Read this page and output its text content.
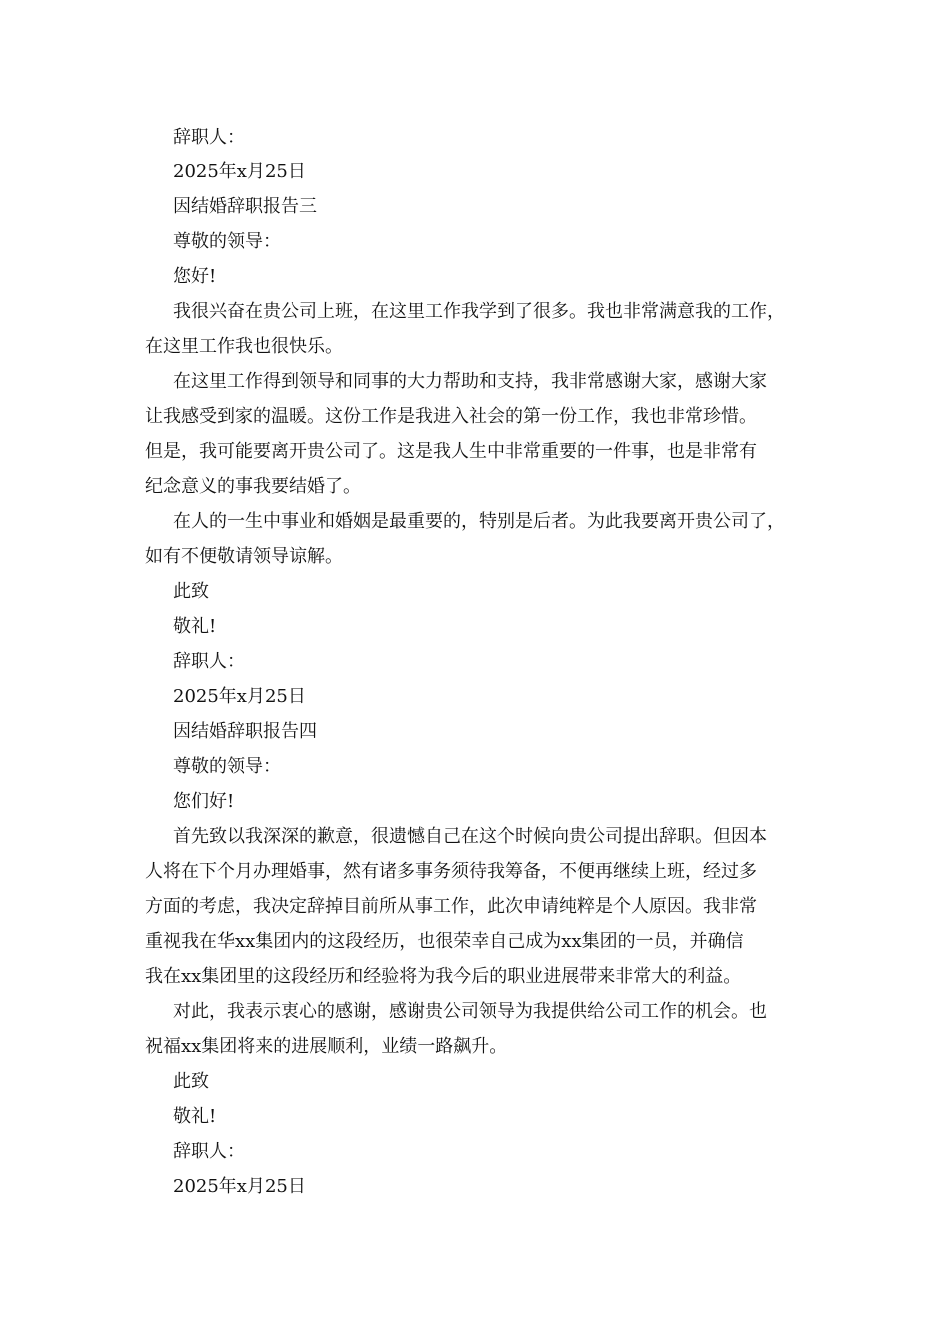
辞职人：
2025年x月25日
因结婚辞职报告三
尊敬的领导：
您好!
我很兴奋在贵公司上班，在这里工作我学到了很多。我也非常满意我的工作，
在这里工作我也很快乐。
在这里工作得到领导和同事的大力帮助和支持，我非常感谢大家，感谢大家
让我感受到家的温暖。这份工作是我进入社会的第一份工作，我也非常珍惜。
但是，我可能要离开贵公司了。这是我人生中非常重要的一件事，也是非常有
纪念意义的事我要结婚了。
在人的一生中事业和婚姻是最重要的，特别是后者。为此我要离开贵公司了，
如有不便敬请领导谅解。
此致
敬礼!
辞职人：
2025年x月25日
因结婚辞职报告四
尊敬的领导：
您们好!
首先致以我深深的歉意，很遗憾自己在这个时候向贵公司提出辞职。但因本
人将在下个月办理婚事，然有诸多事务须待我筹备，不便再继续上班，经过多
方面的考虑，我决定辞掉目前所从事工作，此次申请纯粹是个人原因。我非常
重视我在华xx集团内的这段经历，也很荣幸自己成为xx集团的一员，并确信
我在xx集团里的这段经历和经验将为我今后的职业进展带来非常大的利益。
对此，我表示衷心的感谢，感谢贵公司领导为我提供给公司工作的机会。也
祝福xx集团将来的进展顺利，业绩一路飙升。
此致
敬礼!
辞职人：
2025年x月25日
